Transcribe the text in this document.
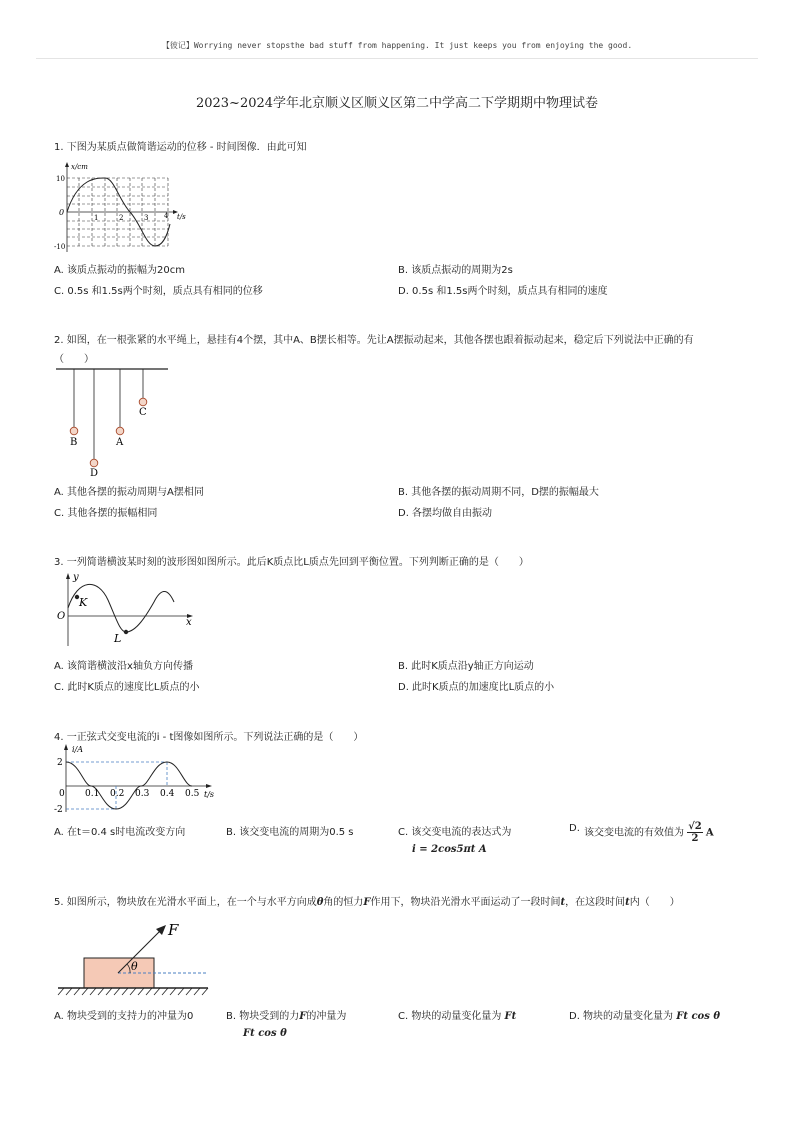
【彼记】Worrying never stopsthe bad stuff from happening. It just keeps you from enjoying the good.
2023~2024学年北京顺义区顺义区第二中学高二下学期期中物理试卷
1. 下图为某质点做简谐运动的位移 - 时间图像．由此可知
x/cm
t/s
10
0
-10
1	2	3 4
A. 该质点振动的振幅为20cm	B. 该质点振动的周期为2s
C. 0.5s 和1.5s两个时刻，质点具有相同的位移	D. 0.5s 和1.5s两个时刻，质点具有相同的速度
2. 如图，在一根张紧的水平绳上，悬挂有4个摆，其中A、B摆长相等。先让A摆振动起来，其他各摆也跟着振动起来，稳定后下列说法中正确的有
（　　）
B
D
A
C
A. 其他各摆的振动周期与A摆相同	B. 其他各摆的振动周期不同，D摆的振幅最大
C. 其他各摆的振幅相同	D. 各摆均做自由振动
3. 一列简谐横波某时刻的波形图如图所示。此后K质点比L质点先回到平衡位置。下列判断正确的是（　　）
y
O
K
L
x
A. 该简谐横波沿x轴负方向传播	B. 此时K质点沿y轴正方向运动
C. 此时K质点的速度比L质点的小	D. 此时K质点的加速度比L质点的小
4. 一正弦式交变电流的i - t图像如图所示。下列说法正确的是（　　）
i/A
t/s
2
0
-2
0.1 0.2 0.3 0.4 0.5
A. 在t＝0.4 s时电流改变方向	B. 该交变电流的周期为0.5 s	C. 该交变电流的表达式为
i = 2cos5πt A
D. 该交变电流的有效值为 $\frac{√2}{2}$ A
5. 如图所示，物块放在光滑水平面上，在一个与水平方向成θ角的恒力F作用下，物块沿光滑水平面运动了一段时间t，在这段时间t内（　　）
F
θ
A. 物块受到的支持力的冲量为0	B. 物块受到的力F的冲量为
Ft cos θ
C. 物块的动量变化量为 Ft	D. 物块的动量变化量为 Ft cos θ
